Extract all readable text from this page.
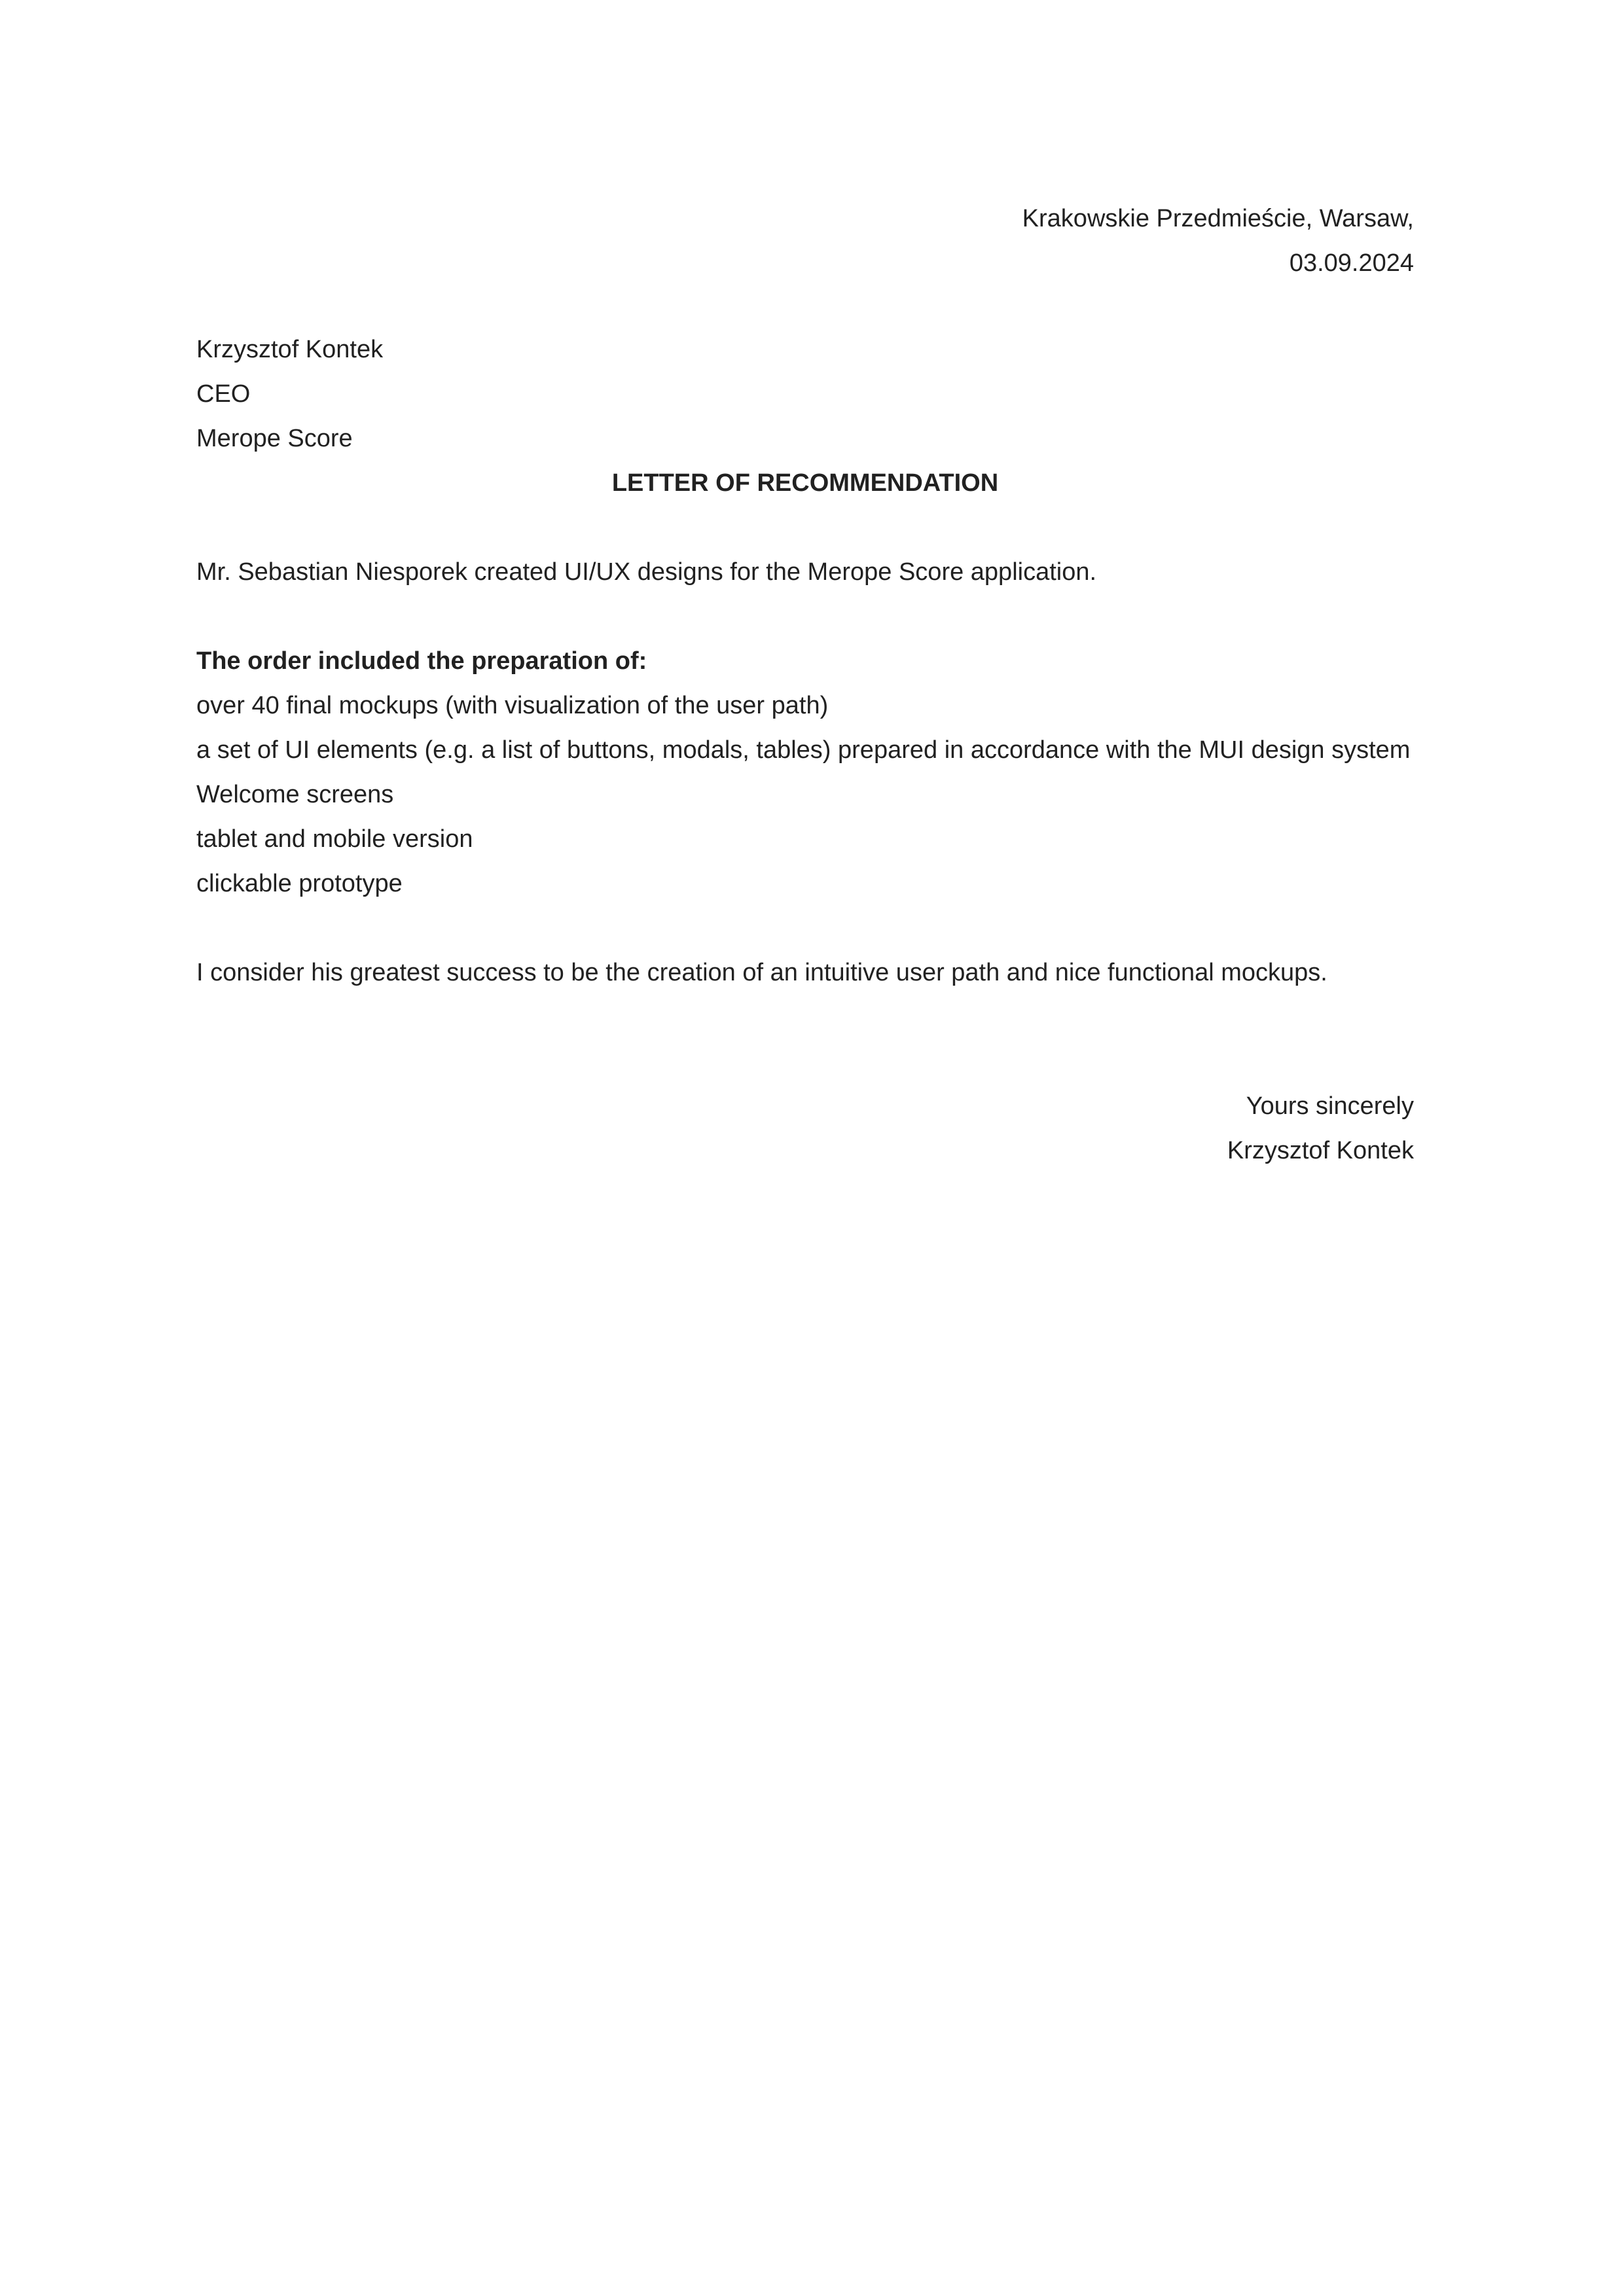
Krakowskie Przedmieście, Warsaw,
03.09.2024
Krzysztof Kontek
CEO
Merope Score
LETTER OF RECOMMENDATION
Mr. Sebastian Niesporek created UI/UX designs for the Merope Score application.
The order included the preparation of:
over 40 final mockups (with visualization of the user path)
a set of UI elements (e.g. a list of buttons, modals, tables) prepared in accordance with the MUI design system
Welcome screens
tablet and mobile version
clickable prototype
I consider his greatest success to be the creation of an intuitive user path and nice functional mockups.
Yours sincerely
Krzysztof Kontek
